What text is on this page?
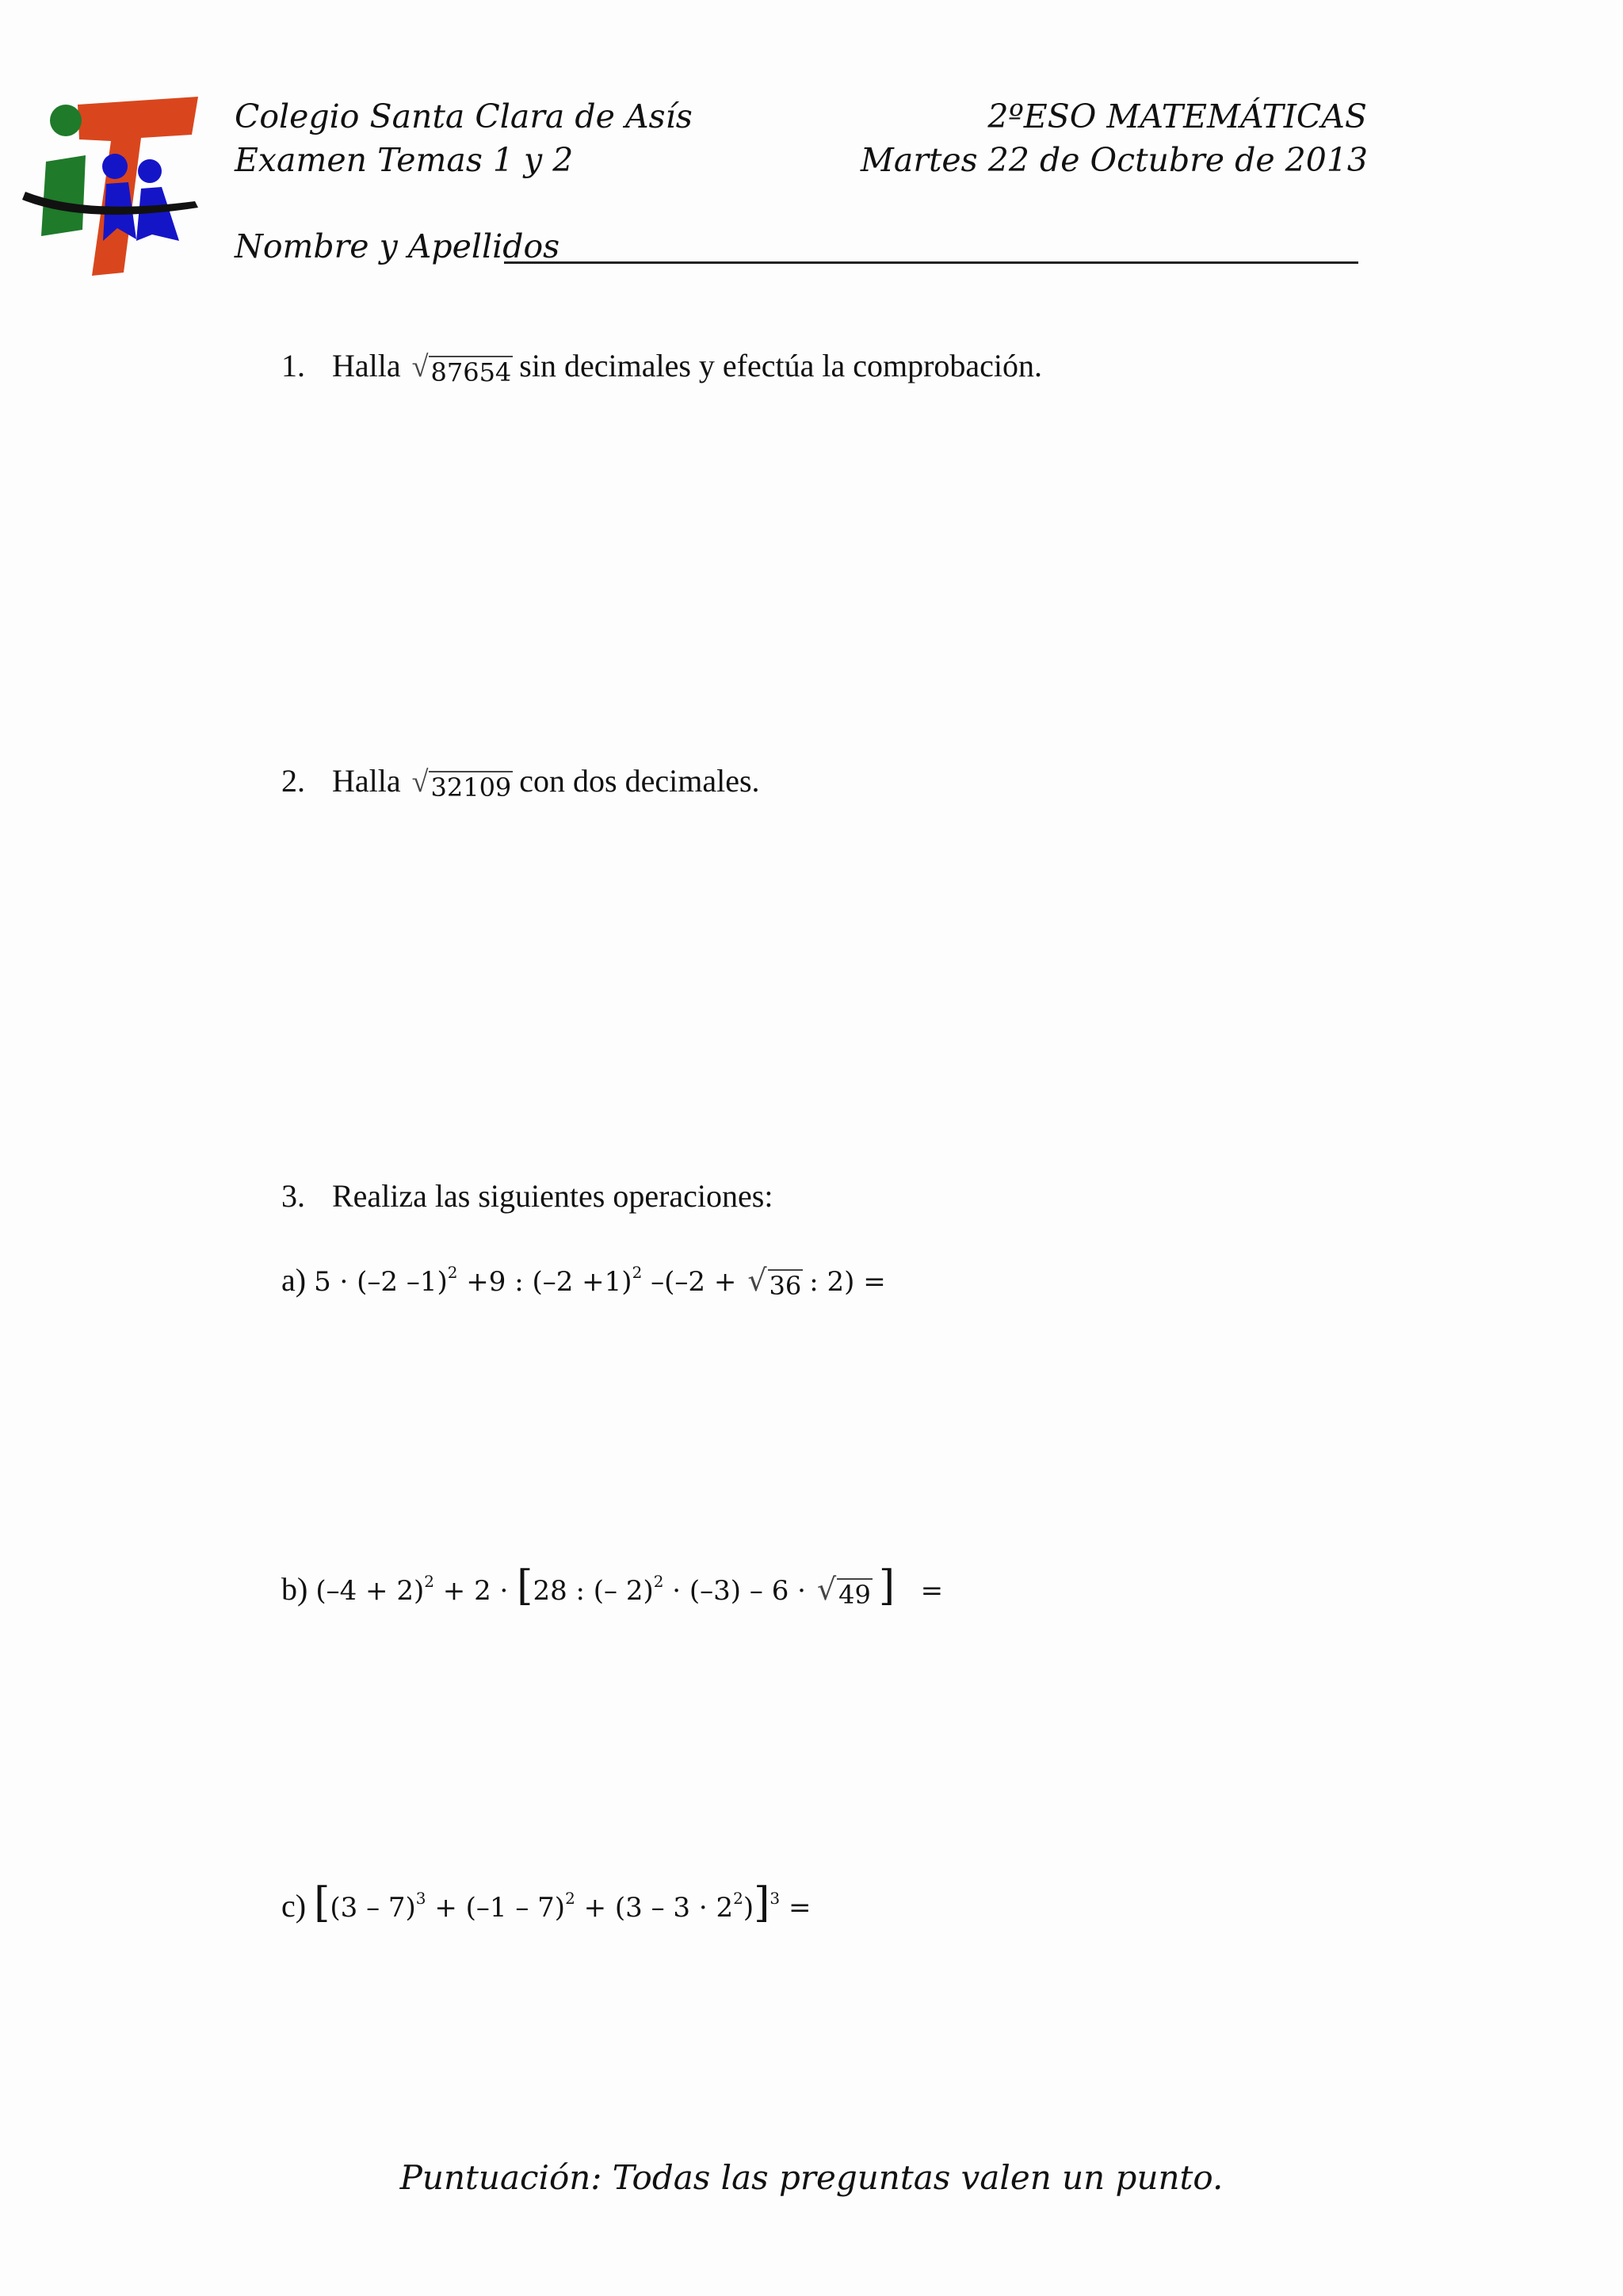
Colegio Santa Clara de Asís
Examen Temas 1 y 2
2ºESO MATEMÁTICAS
Martes 22 de Octubre de 2013
Nombre y Apellidos
1. Halla √ 87654 sin decimales y efectúa la comprobación.
2. Halla √ 32109 con dos decimales.
3. Realiza las siguientes operaciones:
a) 5 · (–2 –1)$^2$ +9 : $(-2 +1)^2$ –(–2 + √ 36 : 2) =
b) $(-4 + 2)^2 + 2 \cdot [28$ : (– 2)$^2$ · (–3) – 6 · √ 49 ] =
c) $[(3 - 7)^3 + (-1 - 7)^2 + (3 - 3 \cdot 2^2)]^3$ =
Puntuación: Todas las preguntas valen un punto.
